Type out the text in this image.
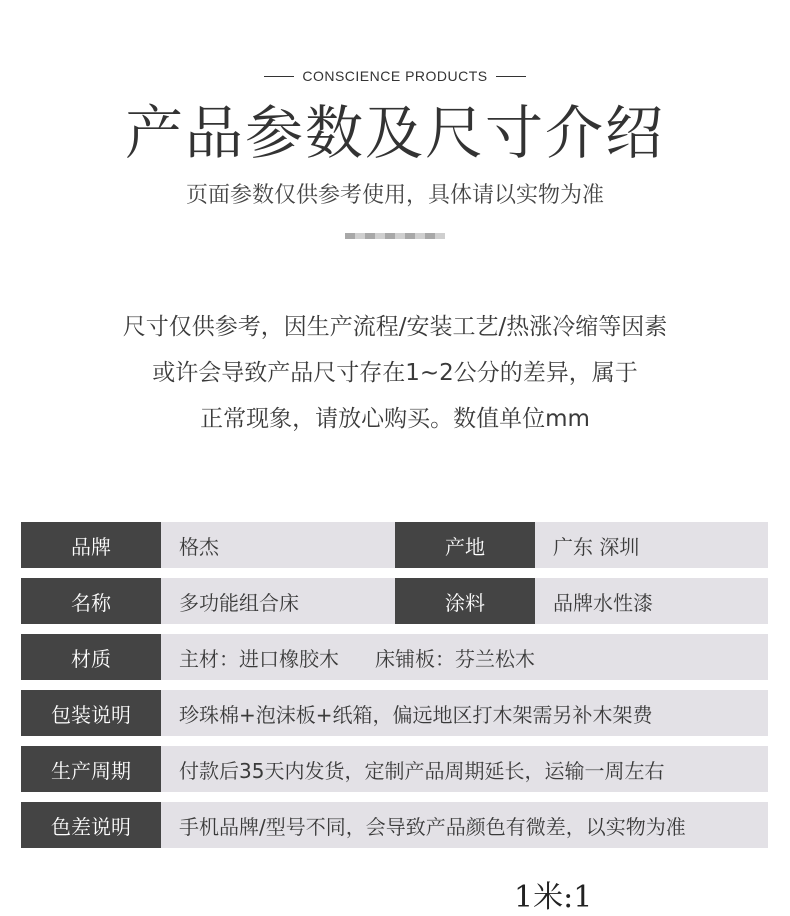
CONSCIENCE PRODUCTS
产品参数及尺寸介绍
页面参数仅供参考使用，具体请以实物为准
尺寸仅供参考，因生产流程/安装工艺/热涨冷缩等因素
或许会导致产品尺寸存在1~2公分的差异，属于
正常现象，请放心购买。数值单位mm
品牌	格杰	产地	广东 深圳
名称	多功能组合床	涂料	品牌水性漆
材质	主材：进口橡胶木 床铺板：芬兰松木
包装说明	珍珠棉+泡沫板+纸箱，偏远地区打木架需另补木架费
生产周期	付款后35天内发货，定制产品周期延长，运输一周左右
色差说明	手机品牌/型号不同，会导致产品颜色有微差，以实物为准
1米:1
